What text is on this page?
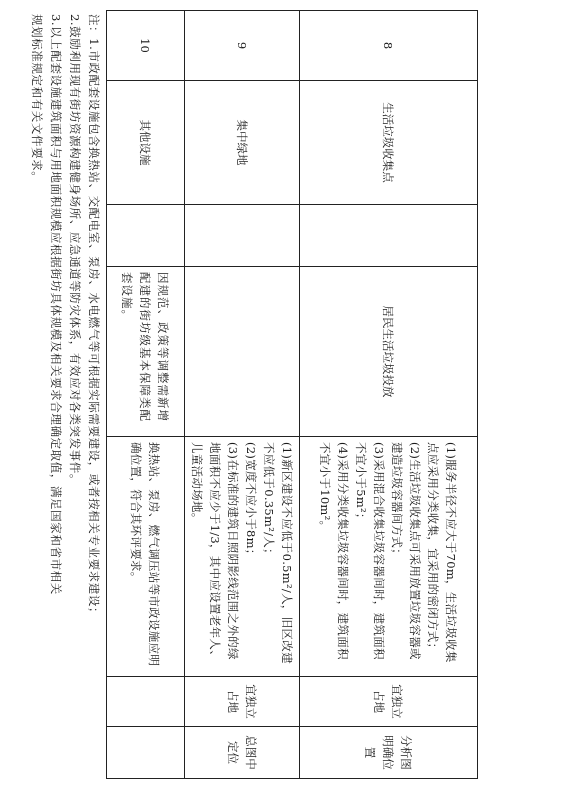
8	生活垃圾收集点		居民生活垃圾投放	(1)服务半径不应大于70m，生活垃圾收集点应采用分类收集，宜采用的密闭方式；
(2)生活垃圾收集点可采用放置垃圾容器或建造垃圾容器间方式；
(3)采用混合收集垃圾容器间时，建筑面积不宜小于5m²；
(4)采用分类收集垃圾容器间时，建筑面积不宜小于10m²。	宜独立占地	分析图明确位置
9	集中绿地			(1)新区建设不应低于0.5m²/人，旧区改建不应低于0.35m²/人；
(2)宽度不应小于8m；
(3)在标准的建筑日照阴影线范围之外的绿地面积不应少于1/3，其中应设置老年人、儿童活动场地。	宜独立占地	总图中定位
10	其他设施		因规范、政策等调整需新增配建的街坊级基本保障类配套设施。	换热站、泵房、燃气调压站等市政设施应明确位置，符合其环评要求。		

注：1.市政配套设施包含换热站、交配电室、泵房、水电燃气等可根据实际需要建设，或者按相关专业要求建设；
2.鼓励利用现有街坊资源构建健身场所、应急通道等防灾体系，有效应对各类突发事件。
3.以上配套设施建筑面积与用地面积规模应根据街坊具体规模及相关要求合理确定取值，满足国家和省市相关
规划标准规定和有关文件要求。
